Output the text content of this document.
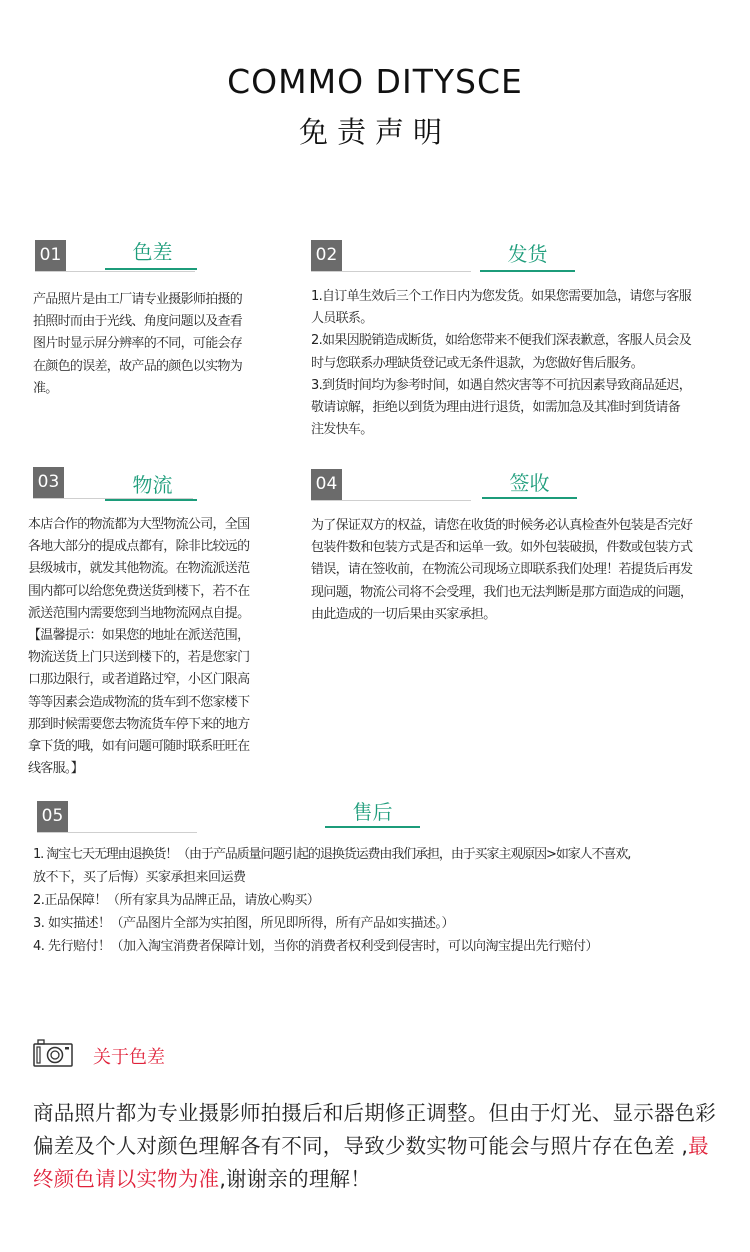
COMMO DITYSCE
免责声明
01	色差

产品照片是由工厂请专业摄影师拍摄的

拍照时而由于光线、角度问题以及查看

图片时显示屏分辨率的不同，可能会存

在颜色的误差，故产品的颜色以实物为

准。

02	发货

1.自订单生效后三个工作日内为您发货。如果您需要加急，请您与客服

人员联系。

2.如果因脱销造成断货，如给您带来不便我们深表歉意，客服人员会及

时与您联系办理缺货登记或无条件退款，为您做好售后服务。

3.到货时间均为参考时间，如遇自然灾害等不可抗因素导致商品延迟，

敬请谅解，拒绝以到货为理由进行退货，如需加急及其准时到货请备

注发快车。

03	物流

本店合作的物流都为大型物流公司，全国

各地大部分的提成点都有，除非比较远的

县级城市，就发其他物流。在物流派送范

围内都可以给您免费送货到楼下，若不在

派送范围内需要您到当地物流网点自提。

【温馨提示：如果您的地址在派送范围，

物流送货上门只送到楼下的，若是您家门

口那边限行，或者道路过窄，小区门限高

等等因素会造成物流的货车到不您家楼下

那到时候需要您去物流货车停下来的地方

拿下货的哦，如有问题可随时联系旺旺在

线客服。】

04	签收

为了保证双方的权益，请您在收货的时候务必认真检查外包装是否完好

包装件数和包装方式是否和运单一致。如外包装破损，件数或包装方式

错误，请在签收前，在物流公司现场立即联系我们处理！若提货后再发

现问题，物流公司将不会受理，我们也无法判断是那方面造成的问题，

由此造成的一切后果由买家承担。

05	售后

1. 淘宝七天无理由退换货！（由于产品质量问题引起的退换货运费由我们承担，由于买家主观原因>如家人不喜欢,

放不下，买了后悔）买家承担来回运费

2.正品保障！（所有家具为品牌正品，请放心购买）

3. 如实描述！（产品图片全部为实拍图，所见即所得，所有产品如实描述。）

4. 先行赔付！（加入淘宝消费者保障计划，当你的消费者权利受到侵害时，可以向淘宝提出先行赔付）

关于色差
商品照片都为专业摄影师拍摄后和后期修正调整。但由于灯光、显示器色彩偏差及个人对颜色理解各有不同，导致少数实物可能会与照片存在色差 ,最终颜色请以实物为准,谢谢亲的理解！
